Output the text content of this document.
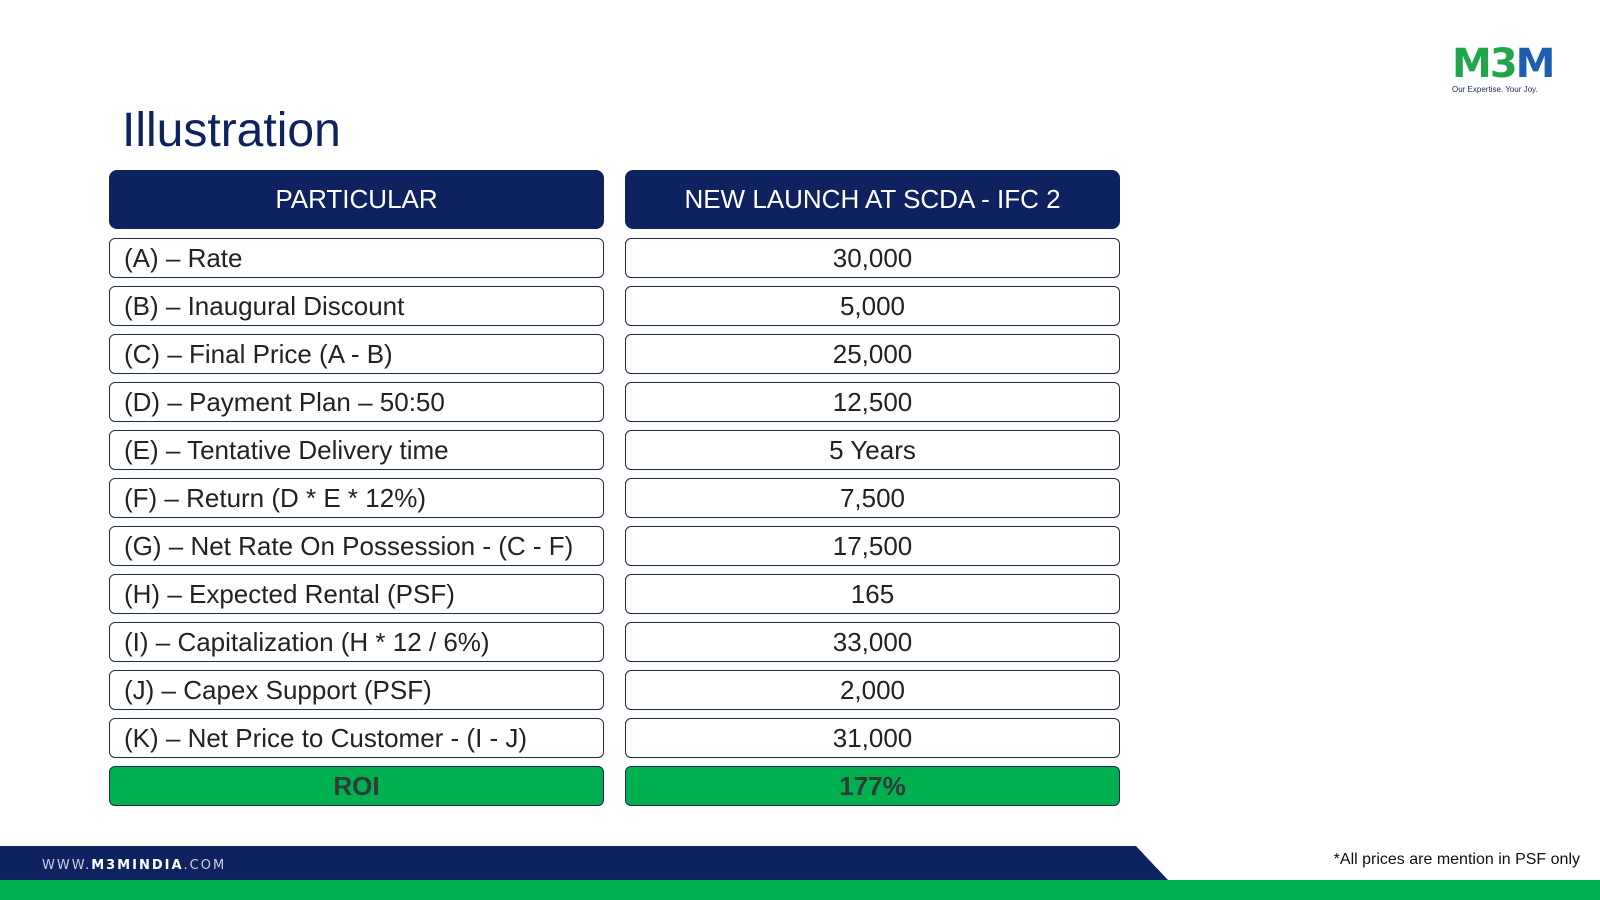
M3M
Our Expertise. Your Joy.
Illustration
PARTICULAR	NEW LAUNCH AT SCDA - IFC 2
(A) – Rate	30,000
(B) – Inaugural Discount	5,000
(C) – Final Price (A - B)	25,000
(D) – Payment Plan – 50:50	12,500
(E) – Tentative Delivery time	5 Years
(F) – Return (D * E * 12%)	7,500
(G) – Net Rate On Possession - (C - F)	17,500
(H) – Expected Rental (PSF)	165
(I) – Capitalization (H * 12 / 6%)	33,000
(J) – Capex Support (PSF)	2,000
(K) – Net Price to Customer - (I - J)	31,000
ROI	177%
WWW.M3MINDIA.COM	*All prices are mention in PSF only
